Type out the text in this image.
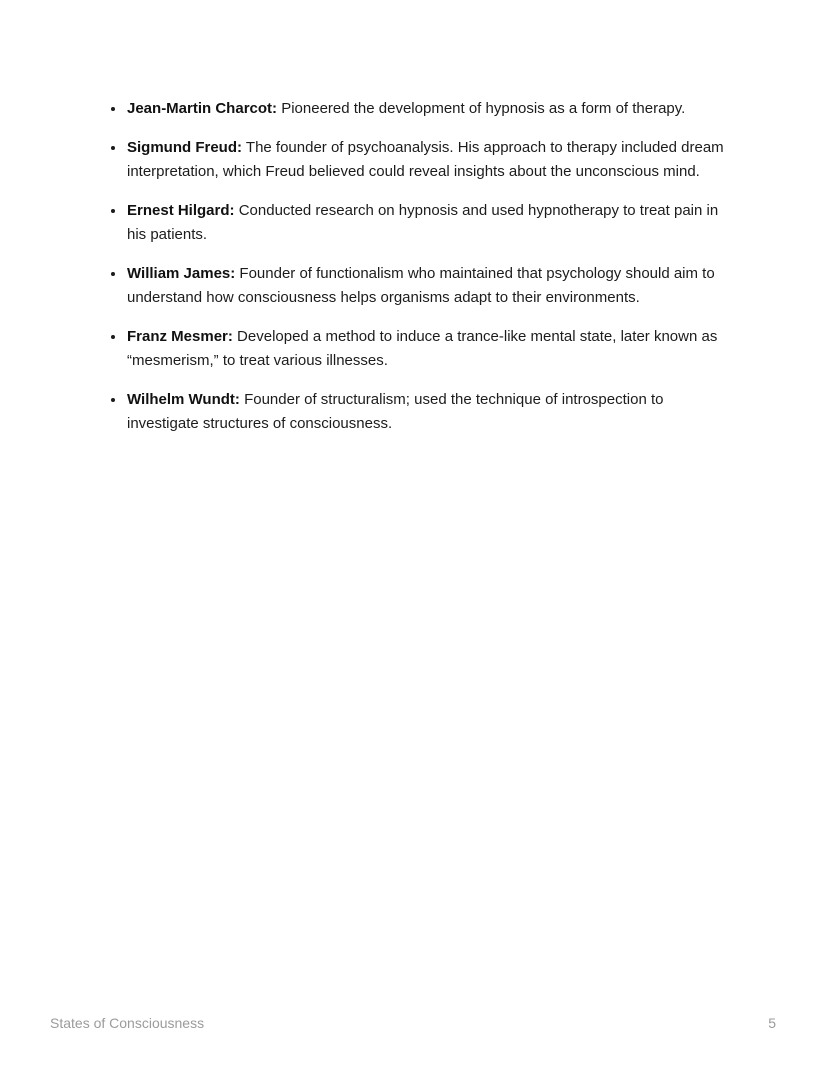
• Jean-Martin Charcot: Pioneered the development of hypnosis as a form of therapy.
• Sigmund Freud: The founder of psychoanalysis. His approach to therapy included dream interpretation, which Freud believed could reveal insights about the unconscious mind.
• Ernest Hilgard: Conducted research on hypnosis and used hypnotherapy to treat pain in his patients.
• William James: Founder of functionalism who maintained that psychology should aim to understand how consciousness helps organisms adapt to their environments.
• Franz Mesmer: Developed a method to induce a trance-like mental state, later known as “mesmerism,” to treat various illnesses.
• Wilhelm Wundt: Founder of structuralism; used the technique of introspection to investigate structures of consciousness.
States of Consciousness	5
